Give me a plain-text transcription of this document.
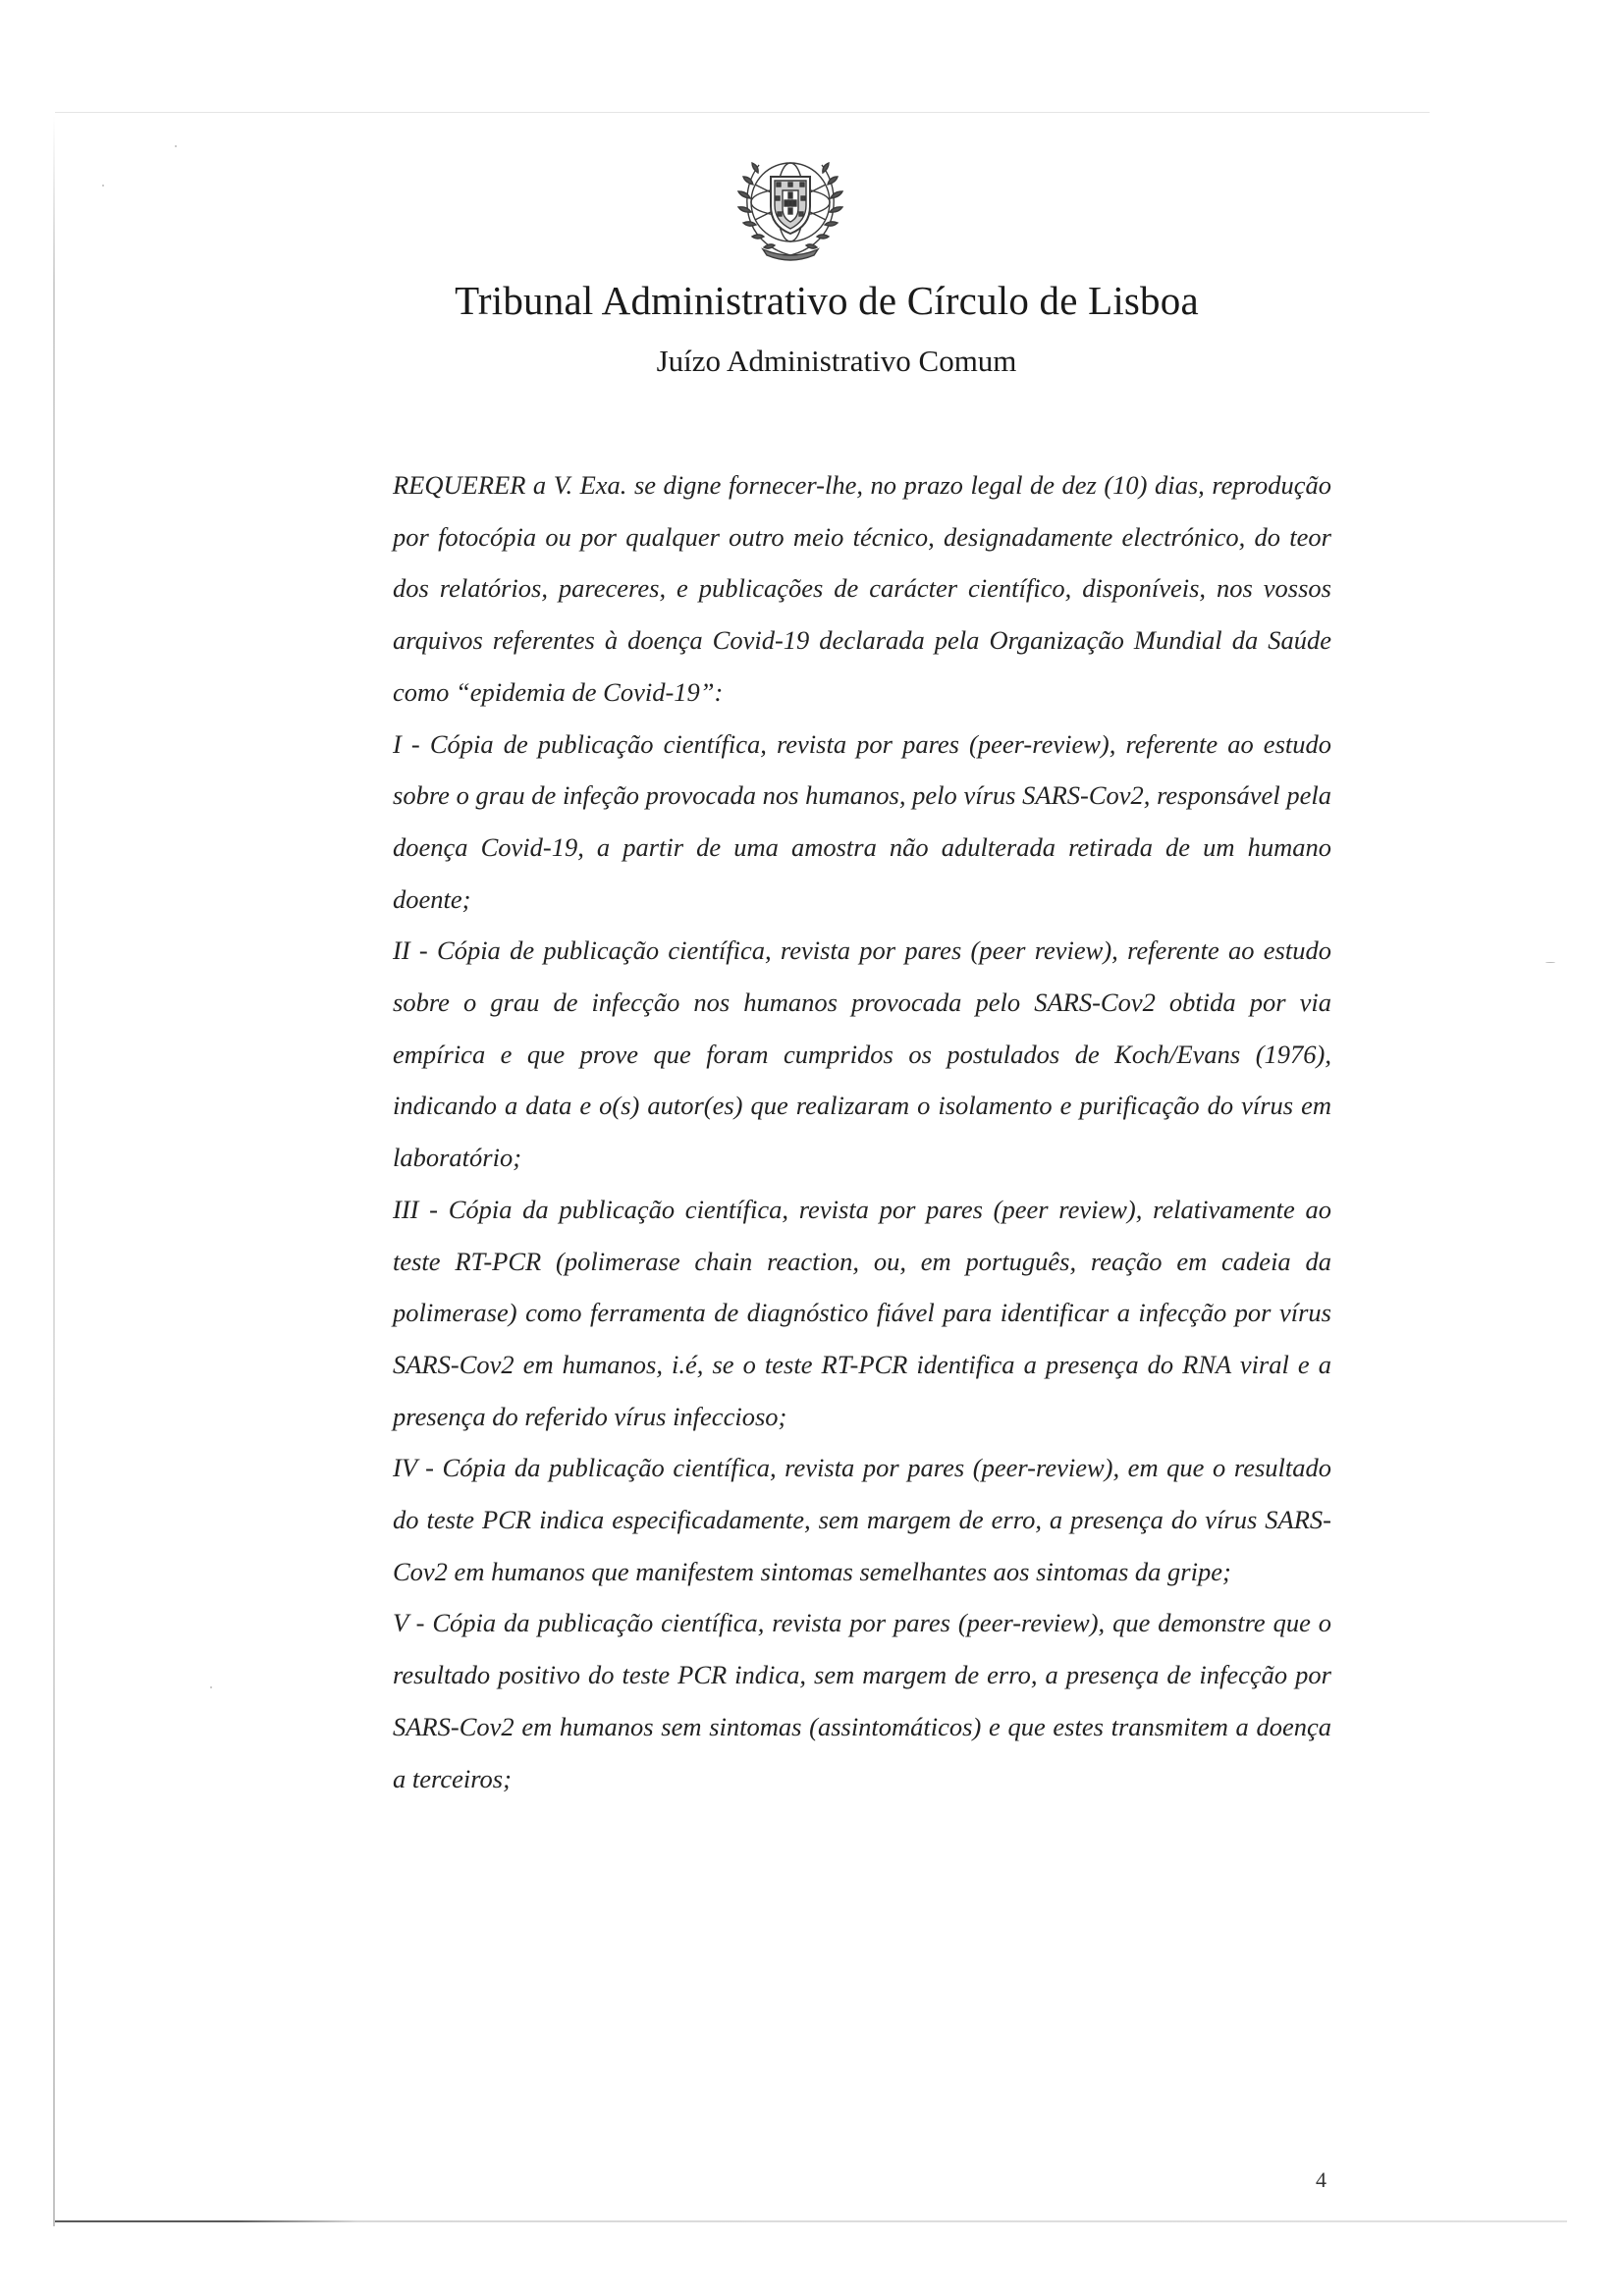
Tribunal Administrativo de Círculo de Lisboa
Juízo Administrativo Comum

REQUERER a V. Exa. se digne fornecer-lhe, no prazo legal de dez (10) dias, reprodução por fotocópia ou por qualquer outro meio técnico, designadamente electrónico, do teor dos relatórios, pareceres, e publicações de carácter científico, disponíveis, nos vossos arquivos referentes à doença Covid-19 declarada pela Organização Mundial da Saúde como “epidemia de Covid-19”:

I - Cópia de publicação científica, revista por pares (peer-review), referente ao estudo sobre o grau de infeção provocada nos humanos, pelo vírus SARS-Cov2, responsável pela doença Covid-19, a partir de uma amostra não adulterada retirada de um humano doente;

II - Cópia de publicação científica, revista por pares (peer review), referente ao estudo sobre o grau de infecção nos humanos provocada pelo SARS-Cov2 obtida por via empírica e que prove que foram cumpridos os postulados de Koch/Evans (1976), indicando a data e o(s) autor(es) que realizaram o isolamento e purificação do vírus em laboratório;

III - Cópia da publicação científica, revista por pares (peer review), relativamente ao teste RT-PCR (polimerase chain reaction, ou, em português, reação em cadeia da polimerase) como ferramenta de diagnóstico fiável para identificar a infecção por vírus SARS-Cov2 em humanos, i.é, se o teste RT-PCR identifica a presença do RNA viral e a presença do referido vírus infeccioso;

IV - Cópia da publicação científica, revista por pares (peer-review), em que o resultado do teste PCR indica especificadamente, sem margem de erro, a presença do vírus SARS-Cov2 em humanos que manifestem sintomas semelhantes aos sintomas da gripe;

V - Cópia da publicação científica, revista por pares (peer-review), que demonstre que o resultado positivo do teste PCR indica, sem margem de erro, a presença de infecção por SARS-Cov2 em humanos sem sintomas (assintomáticos) e que estes transmitem a doença a terceiros;

4
